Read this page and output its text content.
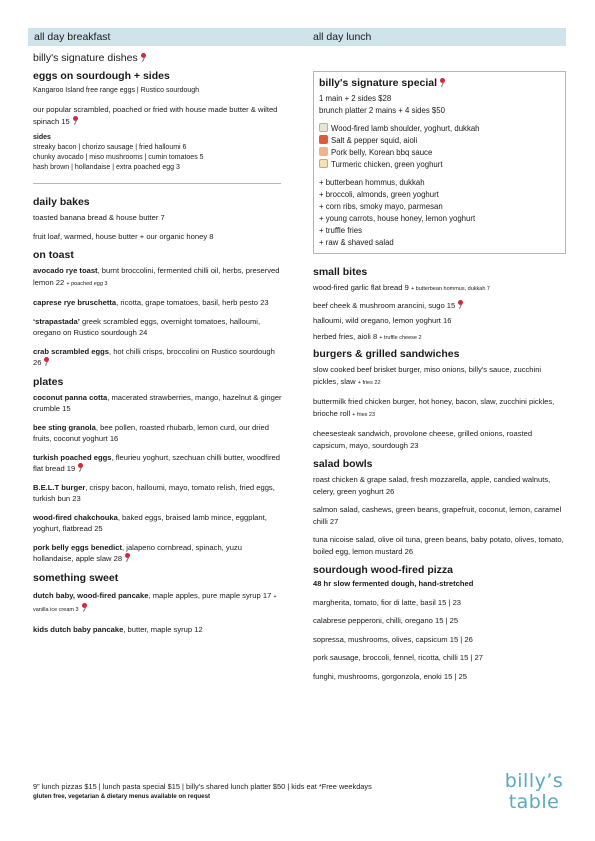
all day breakfast	all day lunch
billy's signature dishes
eggs on sourdough + sides
Kangaroo Island free range eggs | Rustico sourdough
our popular scrambled, poached or fried with house made butter & wilted spinach 15
sides
streaky bacon | chorizo sausage | fried halloumi 6
chunky avocado | miso mushrooms | cumin tomatoes 5
hash brown | hollandaise | extra poached egg 3
daily bakes
toasted banana bread & house butter 7
fruit loaf, warmed, house butter + our organic honey 8
on toast
avocado rye toast, burnt broccolini, fermented chilli oil, herbs, preserved lemon 22 + poached egg 3
caprese rye bruschetta, ricotta, grape tomatoes, basil, herb pesto 23
‘strapastada’ greek scrambled eggs, overnight tomatoes, halloumi, oregano on Rustico sourdough 24
crab scrambled eggs, hot chilli crisps, broccolini on Rustico sourdough 26
plates
coconut panna cotta, macerated strawberries, mango, hazelnut & ginger crumble 15
bee sting granola, bee pollen, roasted rhubarb, lemon curd, our dried fruits, coconut yoghurt 16
turkish poached eggs, fleurieu yoghurt, szechuan chilli butter, woodfired flat bread 19
B.E.L.T burger, crispy bacon, halloumi, mayo, tomato relish, fried eggs, turkish bun 23
wood-fired chakchouka, baked eggs, braised lamb mince, eggplant, yoghurt, flatbread 25
pork belly eggs benedict, jalapeno cornbread, spinach, yuzu hollandaise, apple slaw 28
something sweet
dutch baby, wood-fired pancake, maple apples, pure maple syrup 17 + vanilla ice cream 3
kids dutch baby pancake, butter, maple syrup 12
billy's signature special
1 main + 2 sides $28
brunch platter 2 mains + 4 sides $50
Wood-fired lamb shoulder, yoghurt, dukkah
Salt & pepper squid, aioli
Pork belly, Korean bbq sauce
Turmeric chicken, green yoghurt
+ butterbean hommus, dukkah
+ broccoli, almonds, green yoghurt
+ corn ribs, smoky mayo, parmesan
+ young carrots, house honey, lemon yoghurt
+ truffle fries
+ raw & shaved salad
small bites
wood-fired garlic flat bread 9 + butterbean hommus, dukkah 7
beef cheek & mushroom arancini, sugo 15
halloumi, wild oregano, lemon yoghurt 16
herbed fries, aioli 8 + truffle cheese 2
burgers & grilled sandwiches
slow cooked beef brisket burger, miso onions, billy's sauce, zucchini pickles, slaw + fries 22
buttermilk fried chicken burger, hot honey, bacon, slaw, zucchini pickles, brioche roll + fries 23
cheesesteak sandwich, provolone cheese, grilled onions, roasted capsicum, mayo, sourdough 23
salad bowls
roast chicken & grape salad, fresh mozzarella, apple, candied walnuts, celery, green yoghurt 26
salmon salad, cashews, green beans, grapefruit, coconut, lemon, caramel chilli 27
tuna nicoise salad, olive oil tuna, green beans, baby potato, olives, tomato, boiled egg, lemon mustard 26
sourdough wood-fired pizza
48 hr slow fermented dough, hand-stretched
margherita, tomato, fior di latte, basil 15 | 23
calabrese pepperoni, chilli, oregano 15 | 25
sopressa, mushrooms, olives, capsicum 15 | 26
pork sausage, broccoli, fennel, ricotta, chilli 15 | 27
funghi, mushrooms, gorgonzola, enoki 15 | 25
9” lunch pizzas $15 | lunch pasta special $15 | billy’s shared lunch platter $50 | kids eat *Free weekdays
gluten free, vegetarian & dietary menus available on request
billy’s
table
